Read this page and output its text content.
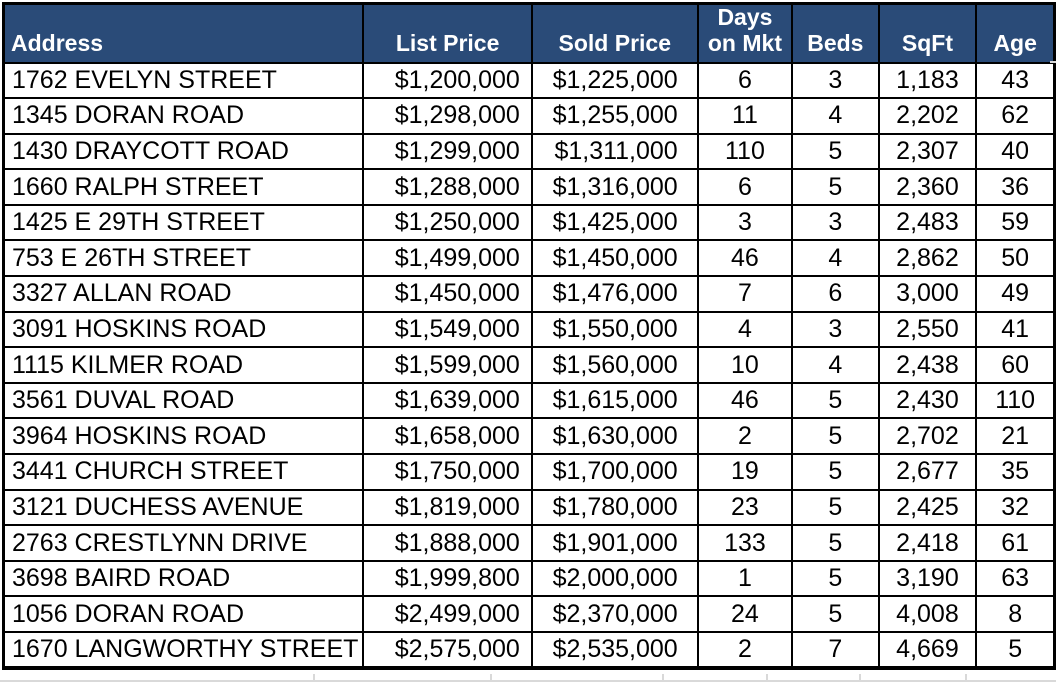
Address	List Price	Sold Price	Days on Mkt	Beds	SqFt	Age
1762 EVELYN STREET	$1,200,000	$1,225,000	6	3	1,183	43
1345 DORAN ROAD	$1,298,000	$1,255,000	11	4	2,202	62
1430 DRAYCOTT ROAD	$1,299,000	$1,311,000	110	5	2,307	40
1660 RALPH STREET	$1,288,000	$1,316,000	6	5	2,360	36
1425 E 29TH STREET	$1,250,000	$1,425,000	3	3	2,483	59
753 E 26TH STREET	$1,499,000	$1,450,000	46	4	2,862	50
3327 ALLAN ROAD	$1,450,000	$1,476,000	7	6	3,000	49
3091 HOSKINS ROAD	$1,549,000	$1,550,000	4	3	2,550	41
1115 KILMER ROAD	$1,599,000	$1,560,000	10	4	2,438	60
3561 DUVAL ROAD	$1,639,000	$1,615,000	46	5	2,430	110
3964 HOSKINS ROAD	$1,658,000	$1,630,000	2	5	2,702	21
3441 CHURCH STREET	$1,750,000	$1,700,000	19	5	2,677	35
3121 DUCHESS AVENUE	$1,819,000	$1,780,000	23	5	2,425	32
2763 CRESTLYNN DRIVE	$1,888,000	$1,901,000	133	5	2,418	61
3698 BAIRD ROAD	$1,999,800	$2,000,000	1	5	3,190	63
1056 DORAN ROAD	$2,499,000	$2,370,000	24	5	4,008	8
1670 LANGWORTHY STREET	$2,575,000	$2,535,000	2	7	4,669	5
